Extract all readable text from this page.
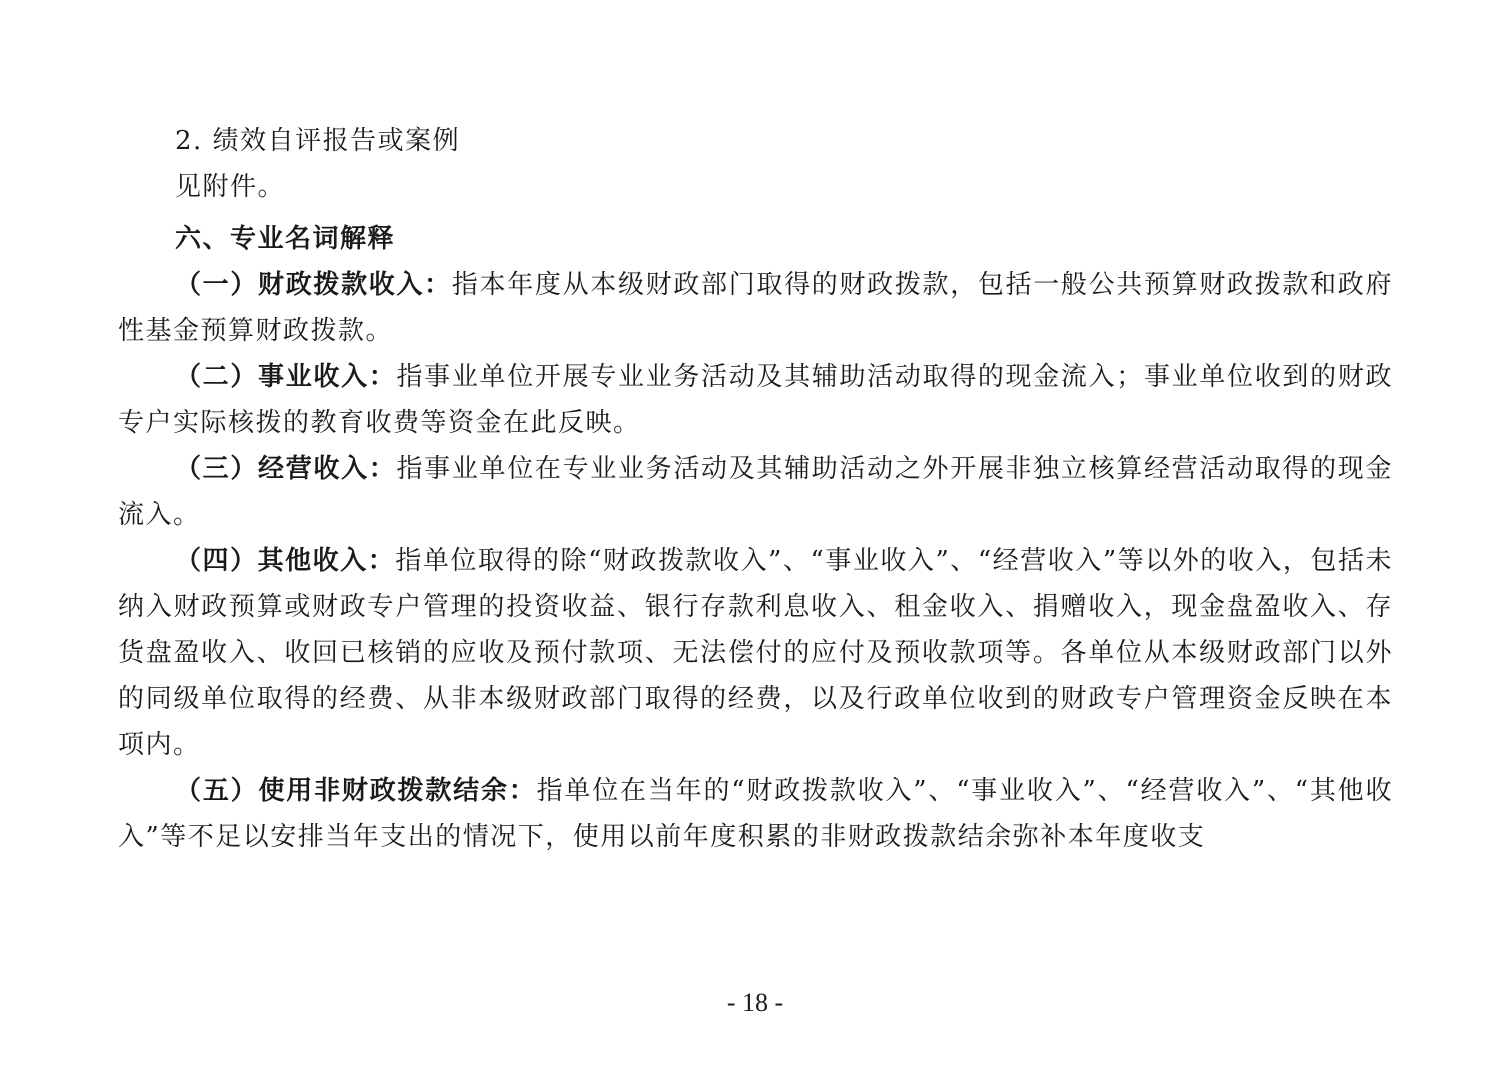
2. 绩效自评报告或案例

见附件。

六、专业名词解释

（一）财政拨款收入：指本年度从本级财政部门取得的财政拨款，包括一般公共预算财政拨款和政府性基金预算财政拨款。

（二）事业收入：指事业单位开展专业业务活动及其辅助活动取得的现金流入；事业单位收到的财政专户实际核拨的教育收费等资金在此反映。

（三）经营收入：指事业单位在专业业务活动及其辅助活动之外开展非独立核算经营活动取得的现金流入。

（四）其他收入：指单位取得的除“财政拨款收入”、“事业收入”、“经营收入”等以外的收入，包括未纳入财政预算或财政专户管理的投资收益、银行存款利息收入、租金收入、捐赠收入，现金盘盈收入、存货盘盈收入、收回已核销的应收及预付款项、无法偿付的应付及预收款项等。各单位从本级财政部门以外的同级单位取得的经费、从非本级财政部门取得的经费，以及行政单位收到的财政专户管理资金反映在本项内。

（五）使用非财政拨款结余：指单位在当年的“财政拨款收入”、“事业收入”、“经营收入”、“其他收入”等不足以安排当年支出的情况下，使用以前年度积累的非财政拨款结余弥补本年度收支

- 18 -
